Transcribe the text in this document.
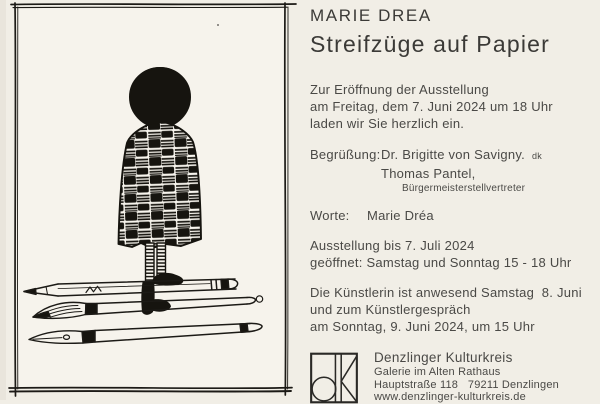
MARIE DREA
Streifzüge auf Papier
Zur Eröffnung der Ausstellung
am Freitag, dem 7. Juni 2024 um 18 Uhr
laden wir Sie herzlich ein.
Begrüßung: Dr. Brigitte von Savigny. dk
Thomas Pantel,
Bürgermeisterstellvertreter
Worte:	Marie Dréa
Ausstellung bis 7. Juli 2024
geöffnet: Samstag und Sonntag 15 - 18 Uhr
Die Künstlerin ist anwesend Samstag  8. Juni
und zum Künstlergespräch
am Sonntag, 9. Juni 2024, um 15 Uhr
Denzlinger Kulturkreis
Galerie im Alten Rathaus
Hauptstraße 118   79211 Denzlingen
www.denzlinger-kulturkreis.de
